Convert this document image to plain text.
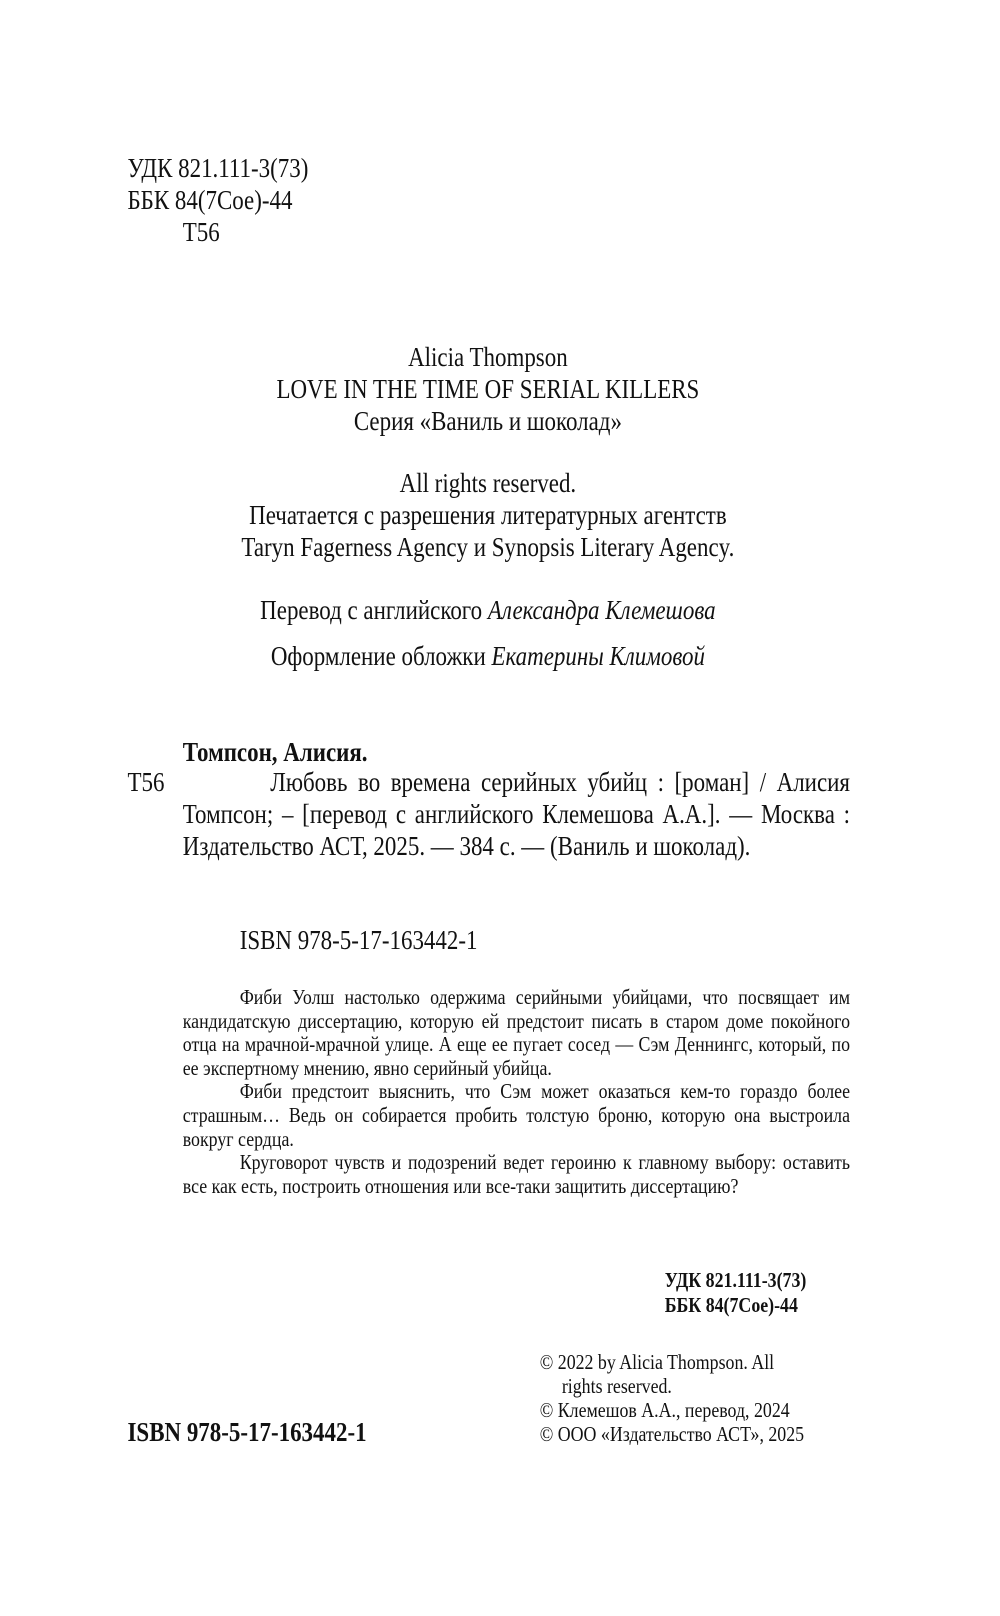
УДК 821.111-3(73)
ББК 84(7Сое)-44
Т56
Alicia Thompson
LOVE IN THE TIME OF SERIAL KILLERS
Серия «Ваниль и шоколад»
All rights reserved.
Печатается с разрешения литературных агентств
Taryn Fagerness Agency и Synopsis Literary Agency.
Перевод с английского Александра Клемешова
Оформление обложки Екатерины Климовой
Томпсон, Алисия.
Т56	Любовь во времена серийных убийц : [роман] / Алисия Томпсон; – [перевод с английского Клемешова А.А.]. — Москва : Издательство АСТ, 2025. — 384 с. — (Ваниль и шоколад).

ISBN 978-5-17-163442-1

Фиби Уолш настолько одержима серийными убийцами, что посвящает им кандидатскую диссертацию, которую ей предстоит писать в старом доме покойного отца на мрачной-мрачной улице. А еще ее пугает сосед — Сэм Деннингс, который, по ее экспертному мнению, явно серийный убийца.

Фиби предстоит выяснить, что Сэм может оказаться кем-то гораздо более страшным… Ведь он собирается пробить толстую броню, которую она выстроила вокруг сердца.

Круговорот чувств и подозрений ведет героиню к главному выбору: оставить все как есть, построить отношения или все-таки защитить диссертацию?

УДК 821.111-3(73)
ББК 84(7Сое)-44
© 2022 by Alicia Thompson. All
rights reserved.
© Клемешов А.А., перевод, 2024
© ООО «Издательство АСТ», 2025
ISBN 978-5-17-163442-1
